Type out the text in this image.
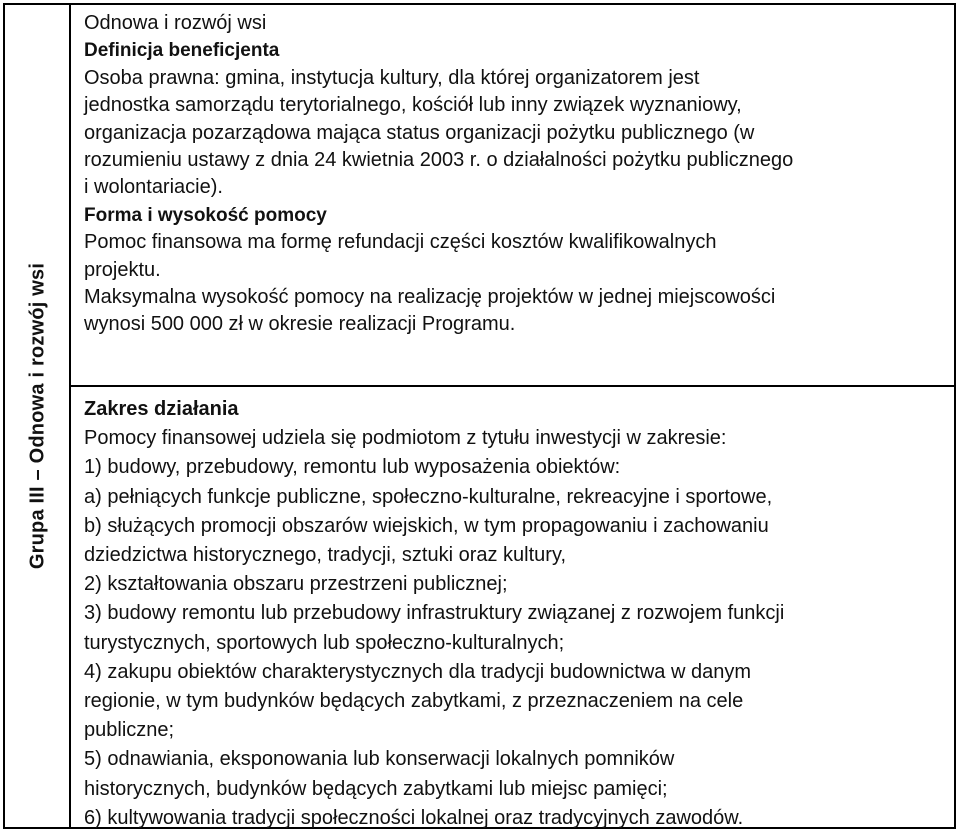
Grupa III – Odnowa i rozwój wsi

Odnowa i rozwój wsi

Definicja beneficjenta

Osoba prawna: gmina, instytucja kultury, dla której organizatorem jest

jednostka samorządu terytorialnego, kościół lub inny związek wyznaniowy,

organizacja pozarządowa mająca status organizacji pożytku publicznego (w

rozumieniu ustawy z dnia 24 kwietnia 2003 r. o działalności pożytku publicznego

i wolontariacie).

Forma i wysokość pomocy

Pomoc finansowa ma formę refundacji części kosztów kwalifikowalnych

projektu.

Maksymalna wysokość pomocy na realizację projektów w jednej miejscowości

wynosi 500 000 zł w okresie realizacji Programu.

Zakres działania

Pomocy finansowej udziela się podmiotom z tytułu inwestycji w zakresie:

1) budowy, przebudowy, remontu lub wyposażenia obiektów:

a) pełniących funkcje publiczne, społeczno-kulturalne, rekreacyjne i sportowe,

b) służących promocji obszarów wiejskich, w tym propagowaniu i zachowaniu

dziedzictwa historycznego, tradycji, sztuki oraz kultury,

2) kształtowania obszaru przestrzeni publicznej;

3) budowy remontu lub przebudowy infrastruktury związanej z rozwojem funkcji

turystycznych, sportowych lub społeczno-kulturalnych;

4) zakupu obiektów charakterystycznych dla tradycji budownictwa w danym

regionie, w tym budynków będących zabytkami, z przeznaczeniem na cele

publiczne;

5) odnawiania, eksponowania lub konserwacji lokalnych pomników

historycznych, budynków będących zabytkami lub miejsc pamięci;

6) kultywowania tradycji społeczności lokalnej oraz tradycyjnych zawodów.
